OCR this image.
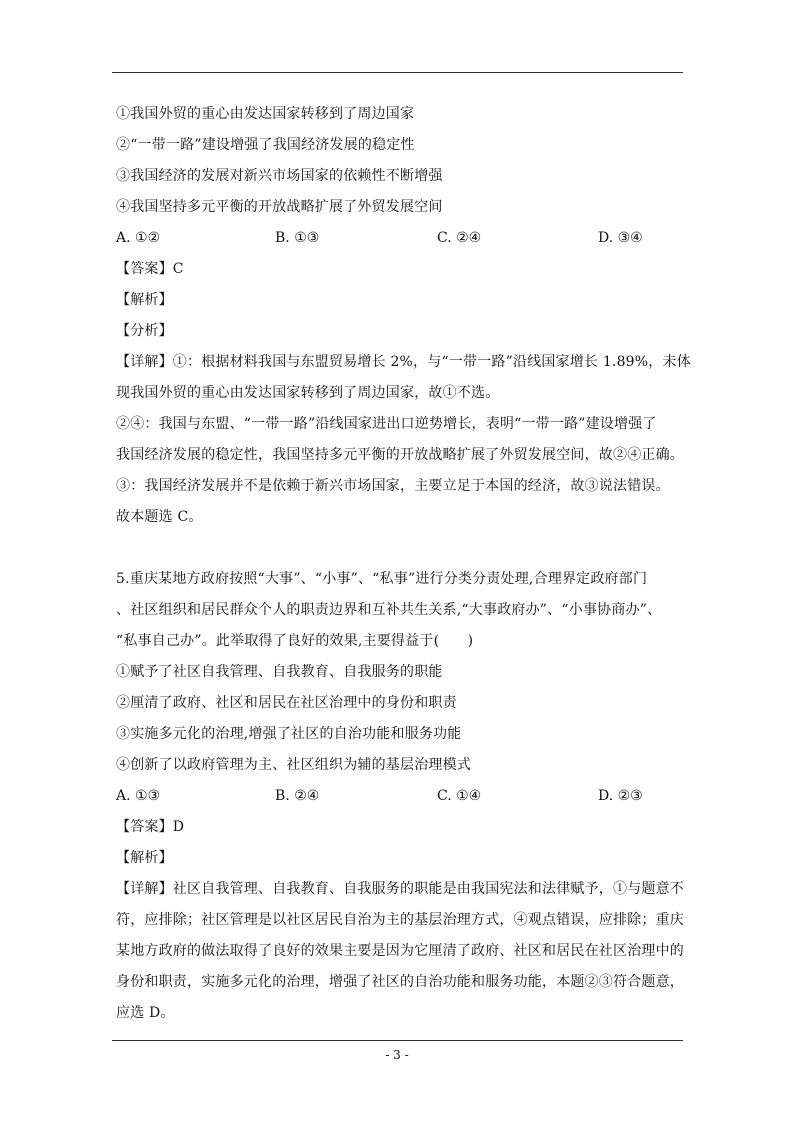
①我国外贸的重心由发达国家转移到了周边国家
②“一带一路”建设增强了我国经济发展的稳定性
③我国经济的发展对新兴市场国家的依赖性不断增强
④我国坚持多元平衡的开放战略扩展了外贸发展空间
A. ①②	B. ①③	C. ②④	D. ③④
【答案】C
【解析】
【分析】
【详解】①：根据材料我国与东盟贸易增长 2%，与“一带一路”沿线国家增长 1.89%，未体
现我国外贸的重心由发达国家转移到了周边国家，故①不选。
②④：我国与东盟、“一带一路”沿线国家进出口逆势增长，表明“一带一路”建设增强了
我国经济发展的稳定性，我国坚持多元平衡的开放战略扩展了外贸发展空间，故②④正确。
③：我国经济发展并不是依赖于新兴市场国家，主要立足于本国的经济，故③说法错误。
故本题选 C。
5.重庆某地方政府按照“大事”、“小事”、“私事”进行分类分责处理,合理界定政府部门
、社区组织和居民群众个人的职责边界和互补共生关系,“大事政府办”、“小事协商办”、
“私事自己办”。此举取得了良好的效果,主要得益于(　　)
①赋予了社区自我管理、自我教育、自我服务的职能
②厘清了政府、社区和居民在社区治理中的身份和职责
③实施多元化的治理,增强了社区的自治功能和服务功能
④创新了以政府管理为主、社区组织为辅的基层治理模式
A. ①③	B. ②④	C. ①④	D. ②③
【答案】D
【解析】
【详解】社区自我管理、自我教育、自我服务的职能是由我国宪法和法律赋予，①与题意不
符，应排除；社区管理是以社区居民自治为主的基层治理方式，④观点错误，应排除；重庆
某地方政府的做法取得了良好的效果主要是因为它厘清了政府、社区和居民在社区治理中的
身份和职责，实施多元化的治理，增强了社区的自治功能和服务功能，本题②③符合题意，
应选 D。
- 3 -
